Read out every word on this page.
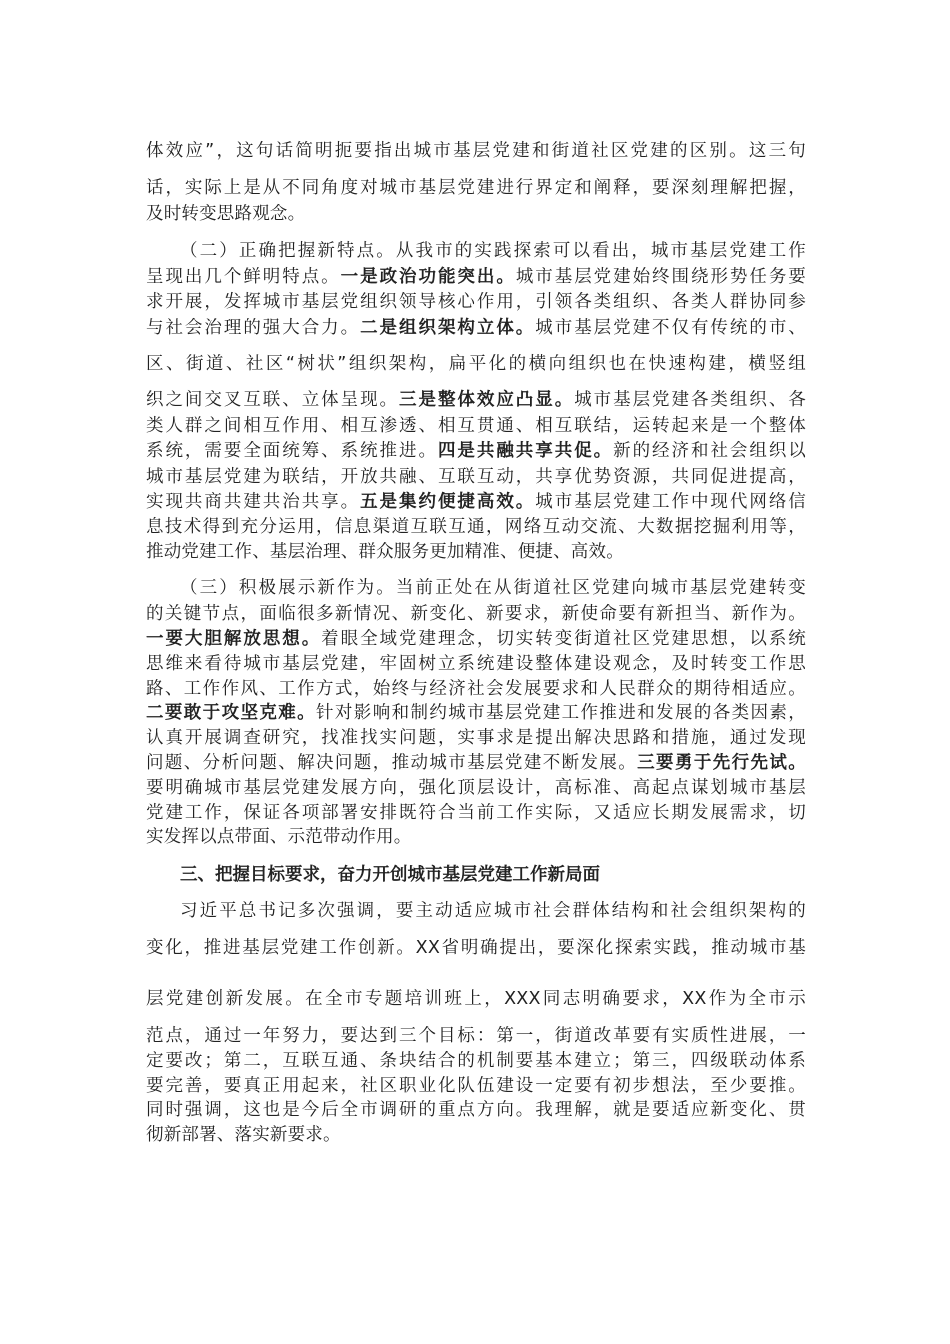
体效应”，这句话简明扼要指出城市基层党建和街道社区党建的区别。这三句
话，实际上是从不同角度对城市基层党建进行界定和阐释，要深刻理解把握，
及时转变思路观念。
（二）正确把握新特点。从我市的实践探索可以看出，城市基层党建工作
呈现出几个鲜明特点。一是政治功能突出。城市基层党建始终围绕形势任务要
求开展，发挥城市基层党组织领导核心作用，引领各类组织、各类人群协同参
与社会治理的强大合力。二是组织架构立体。城市基层党建不仅有传统的市、
区、街道、社区“树状”组织架构，扁平化的横向组织也在快速构建，横竖组
织之间交叉互联、立体呈现。三是整体效应凸显。城市基层党建各类组织、各
类人群之间相互作用、相互渗透、相互贯通、相互联结，运转起来是一个整体
系统，需要全面统筹、系统推进。四是共融共享共促。新的经济和社会组织以
城市基层党建为联结，开放共融、互联互动，共享优势资源，共同促进提高，
实现共商共建共治共享。五是集约便捷高效。城市基层党建工作中现代网络信
息技术得到充分运用，信息渠道互联互通，网络互动交流、大数据挖掘利用等，
推动党建工作、基层治理、群众服务更加精准、便捷、高效。
（三）积极展示新作为。当前正处在从街道社区党建向城市基层党建转变
的关键节点，面临很多新情况、新变化、新要求，新使命要有新担当、新作为。
一要大胆解放思想。着眼全域党建理念，切实转变街道社区党建思想，以系统
思维来看待城市基层党建，牢固树立系统建设整体建设观念，及时转变工作思
路、工作作风、工作方式，始终与经济社会发展要求和人民群众的期待相适应。
二要敢于攻坚克难。针对影响和制约城市基层党建工作推进和发展的各类因素，
认真开展调查研究，找准找实问题，实事求是提出解决思路和措施，通过发现
问题、分析问题、解决问题，推动城市基层党建不断发展。三要勇于先行先试。
要明确城市基层党建发展方向，强化顶层设计，高标准、高起点谋划城市基层
党建工作，保证各项部署安排既符合当前工作实际，又适应长期发展需求，切
实发挥以点带面、示范带动作用。
三、把握目标要求，奋力开创城市基层党建工作新局面
习近平总书记多次强调，要主动适应城市社会群体结构和社会组织架构的
变化，推进基层党建工作创新。XX省明确提出，要深化探索实践，推动城市基
层党建创新发展。在全市专题培训班上，XXX同志明确要求，XX作为全市示
范点，通过一年努力，要达到三个目标：第一，街道改革要有实质性进展，一
定要改；第二，互联互通、条块结合的机制要基本建立；第三，四级联动体系
要完善，要真正用起来，社区职业化队伍建设一定要有初步想法，至少要推。
同时强调，这也是今后全市调研的重点方向。我理解，就是要适应新变化、贯
彻新部署、落实新要求。
